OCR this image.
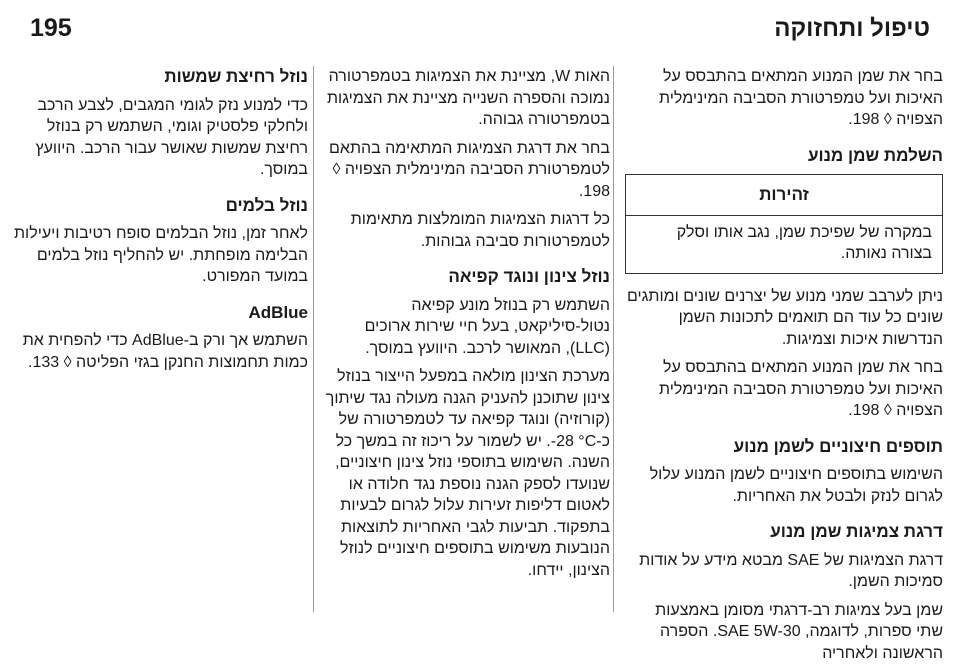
195	טיפול ותחזוקה

בחר את שמן המנוע המתאים בהתבסס על האיכות ועל טמפרטורת הסביבה המינימלית הצפויה ◊ 198.

השלמת שמן מנוע
זהירות
במקרה של שפיכת שמן, נגב אותו וסלק בצורה נאותה.

ניתן לערבב שמני מנוע של יצרנים שונים ומותגים שונים כל עוד הם תואמים לתכונות השמן הנדרשות איכות וצמיגות.

בחר את שמן המנוע המתאים בהתבסס על האיכות ועל טמפרטורת הסביבה המינימלית הצפויה ◊ 198.

תוספים חיצוניים לשמן מנוע

השימוש בתוספים חיצוניים לשמן המנוע עלול לגרום לנזק ולבטל את האחריות.

דרגת צמיגות שמן מנוע

דרגת הצמיגות של SAE מבטא מידע על אודות סמיכות השמן.

שמן בעל צמיגות רב-דרגתי מסומן באמצעות שתי ספרות, לדוגמה, SAE 5W-30. הספרה הראשונה ולאחריה

האות W, מציינת את הצמיגות בטמפרטורה נמוכה והספרה השנייה מציינת את הצמיגות בטמפרטורה גבוהה.

בחר את דרגת הצמיגות המתאימה בהתאם לטמפרטורת הסביבה המינימלית הצפויה ◊ 198.

כל דרגות הצמיגות המומלצות מתאימות לטמפרטורות סביבה גבוהות.

נוזל צינון ונוגד קפיאה

השתמש רק בנוזל מונע קפיאה נטול-סיליקאט, בעל חיי שירות ארוכים (LLC), המאושר לרכב. היוועץ במוסך.

מערכת הצינון מולאה במפעל הייצור בנוזל צינון שתוכנן להעניק הגנה מעולה נגד שיתוך (קורוזיה) ונוגד קפיאה עד לטמפרטורה של כ-‎-28 °C. יש לשמור על ריכוז זה במשך כל השנה. השימוש בתוספי נוזל צינון חיצוניים, שנועדו לספק הגנה נוספת נגד חלודה או לאטום דליפות זעירות עלול לגרום לבעיות בתפקוד. תביעות לגבי האחריות לתוצאות הנובעות משימוש בתוספים חיצוניים לנוזל הצינון, יידחו.

נוזל רחיצת שמשות

כדי למנוע נזק לגומי המגבים, לצבע הרכב ולחלקי פלסטיק וגומי, השתמש רק בנוזל רחיצת שמשות שאושר עבור הרכב. היוועץ במוסך.

נוזל בלמים

לאחר זמן, נוזל הבלמים סופח רטיבות ויעילות הבלימה מופחתת. יש להחליף נוזל בלמים במועד המפורט.

AdBlue

השתמש אך ורק ב-AdBlue כדי להפחית את כמות תחמוצות החנקן בגזי הפליטה ◊ 133.
